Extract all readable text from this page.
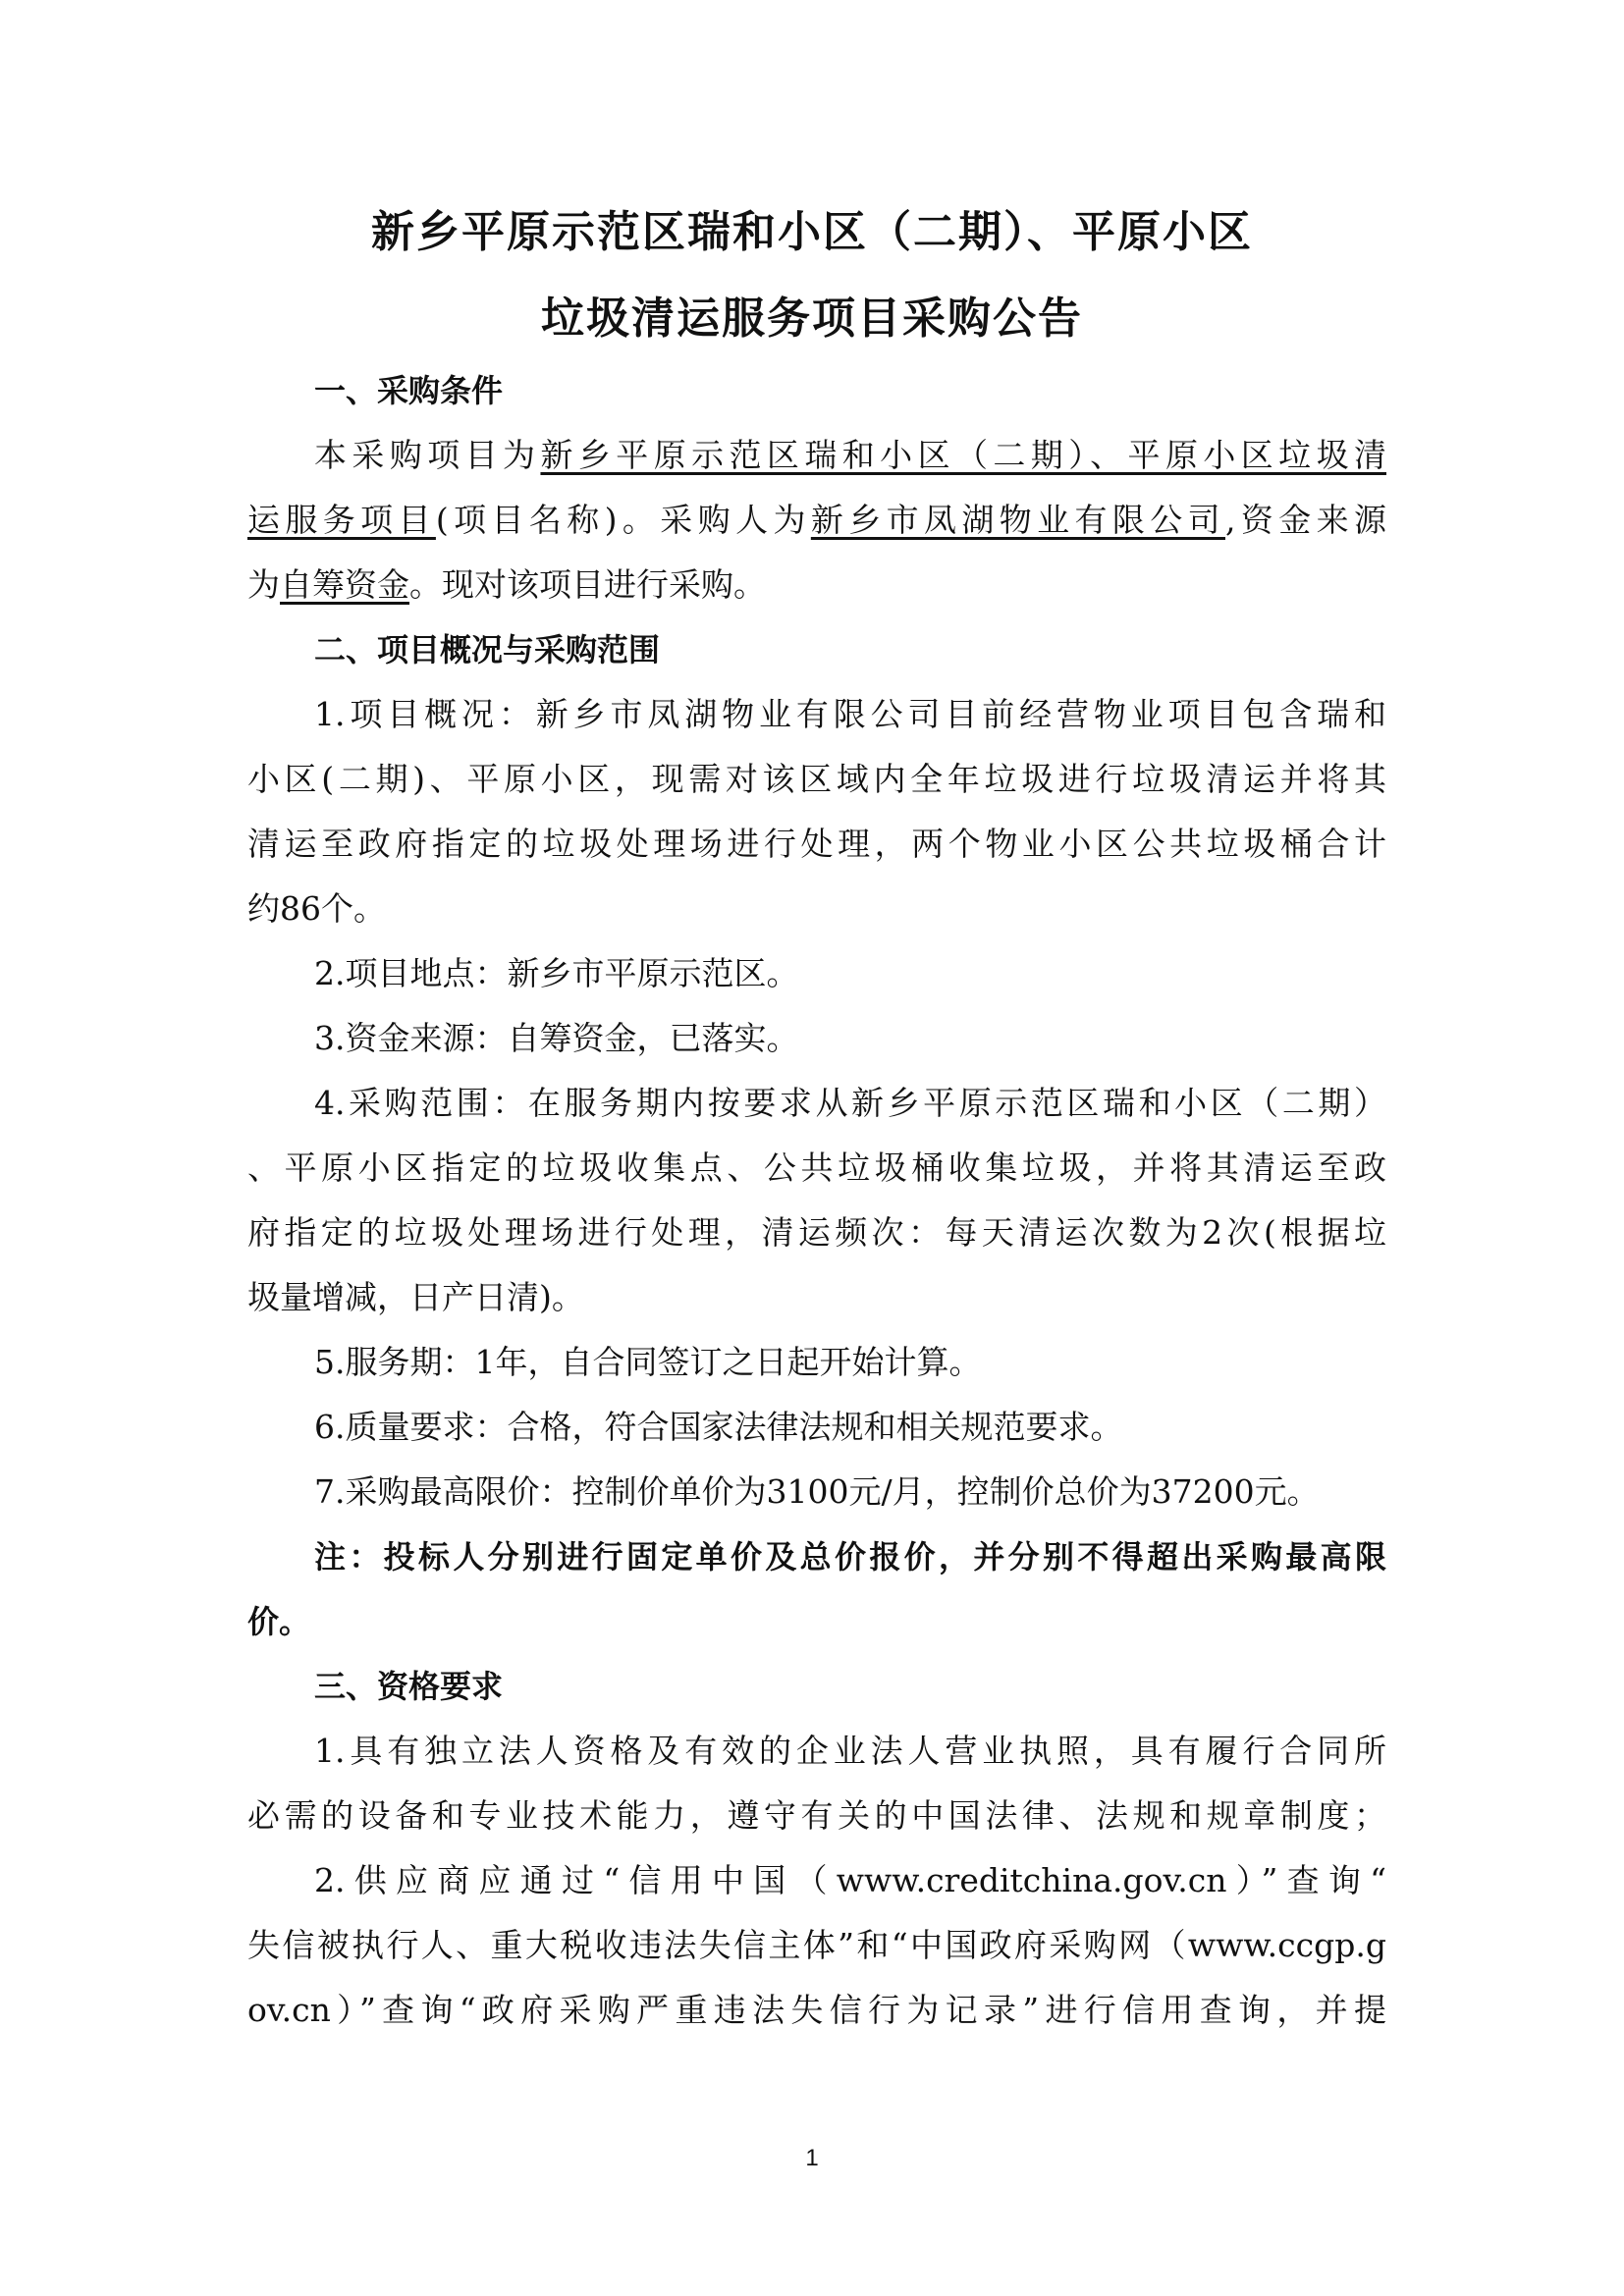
新乡平原示范区瑞和小区（二期）、平原小区
垃圾清运服务项目采购公告
一、采购条件
本采购项目为新乡平原示范区瑞和小区（二期）、平原小区垃圾清
运服务项目(项目名称)。采购人为新乡市凤湖物业有限公司,资金来源
为自筹资金。现对该项目进行采购。
二、项目概况与采购范围
1.项目概况：新乡市凤湖物业有限公司目前经营物业项目包含瑞和
小区(二期)、平原小区，现需对该区域内全年垃圾进行垃圾清运并将其
清运至政府指定的垃圾处理场进行处理，两个物业小区公共垃圾桶合计
约86个。
2.项目地点：新乡市平原示范区。
3.资金来源：自筹资金，已落实。
4.采购范围：在服务期内按要求从新乡平原示范区瑞和小区（二期）
、平原小区指定的垃圾收集点、公共垃圾桶收集垃圾，并将其清运至政
府指定的垃圾处理场进行处理，清运频次：每天清运次数为2次(根据垃
圾量增减，日产日清)。
5.服务期：1年，自合同签订之日起开始计算。
6.质量要求：合格，符合国家法律法规和相关规范要求。
7.采购最高限价：控制价单价为3100元/月，控制价总价为37200元。
注：投标人分别进行固定单价及总价报价，并分别不得超出采购最高限
价。
三、资格要求
1.具有独立法人资格及有效的企业法人营业执照，具有履行合同所
必需的设备和专业技术能力，遵守有关的中国法律、法规和规章制度；
2.供应商应通过“信用中国（www.creditchina.gov.cn）”查询“
失信被执行人、重大税收违法失信主体”和“中国政府采购网（www.ccgp.g
ov.cn）”查询“政府采购严重违法失信行为记录”进行信用查询，并提
1
